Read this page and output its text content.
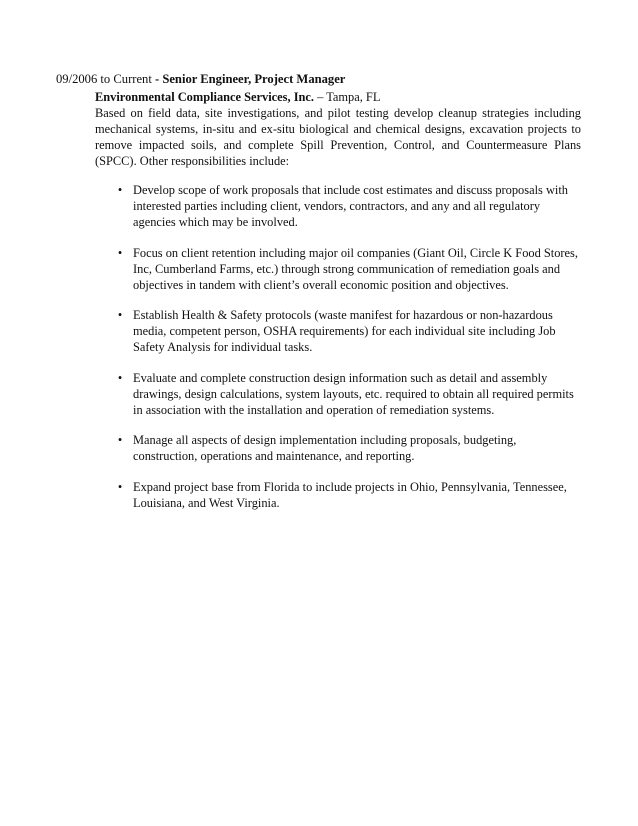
09/2006 to Current - Senior Engineer, Project Manager
Environmental Compliance Services, Inc. – Tampa, FL

Based on field data, site investigations, and pilot testing develop cleanup strategies including mechanical systems, in-situ and ex-situ biological and chemical designs, excavation projects to remove impacted soils, and complete Spill Prevention, Control, and Countermeasure Plans (SPCC). Other responsibilities include:

• Develop scope of work proposals that include cost estimates and discuss proposals with interested parties including client, vendors, contractors, and any and all regulatory agencies which may be involved.
• Focus on client retention including major oil companies (Giant Oil, Circle K Food Stores, Inc, Cumberland Farms, etc.) through strong communication of remediation goals and objectives in tandem with client’s overall economic position and objectives.
• Establish Health & Safety protocols (waste manifest for hazardous or non-hazardous media, competent person, OSHA requirements) for each individual site including Job Safety Analysis for individual tasks.
• Evaluate and complete construction design information such as detail and assembly drawings, design calculations, system layouts, etc. required to obtain all required permits in association with the installation and operation of remediation systems.
• Manage all aspects of design implementation including proposals, budgeting, construction, operations and maintenance, and reporting.
• Expand project base from Florida to include projects in Ohio, Pennsylvania, Tennessee, Louisiana, and West Virginia.
